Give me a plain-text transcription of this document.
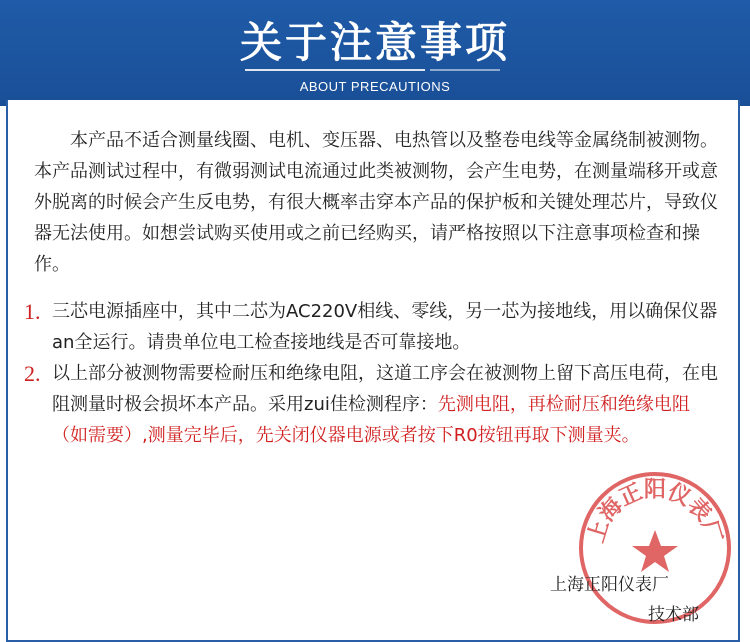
关于注意事项
ABOUT PRECAUTIONS
本产品不适合测量线圈、电机、变压器、电热管以及整卷电线等金属绕制被测物。本产品测试过程中，有微弱测试电流通过此类被测物，会产生电势，在测量端移开或意外脱离的时候会产生反电势，有很大概率击穿本产品的保护板和关键处理芯片，导致仪器无法使用。如想尝试购买使用或之前已经购买，请严格按照以下注意事项检查和操作。
1. 三芯电源插座中，其中二芯为AC220V相线、零线，另一芯为接地线，用以确保仪器an全运行。请贵单位电工检查接地线是否可靠接地。
2. 以上部分被测物需要检耐压和绝缘电阻，这道工序会在被测物上留下高压电荷，在电阻测量时极会损坏本产品。采用zui佳检测程序：先测电阻，再检耐压和绝缘电阻（如需要）,测量完毕后，先关闭仪器电源或者按下R0按钮再取下测量夹。
上海正阳仪表厂
上海正阳仪表厂
技术部
